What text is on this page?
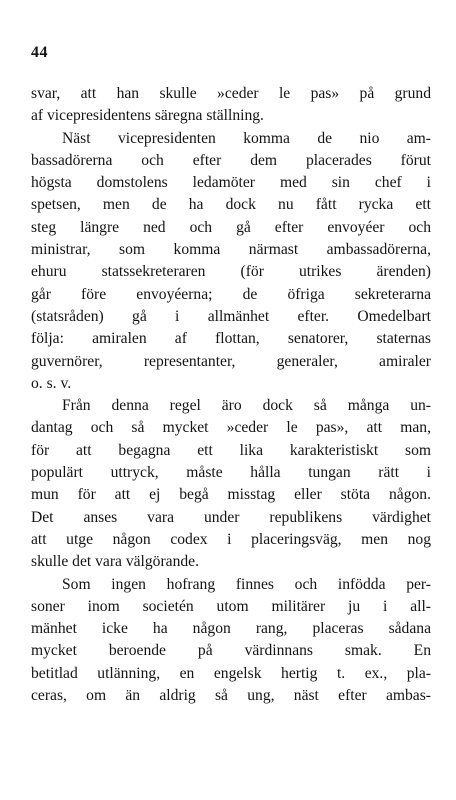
44
svar, att han skulle »ceder le pas» på grund
af vicepresidentens säregna ställning.
Näst vicepresidenten komma de nio am-
bassadörerna och efter dem placerades förut
högsta domstolens ledamöter med sin chef i
spetsen, men de ha dock nu fått rycka ett
steg längre ned och gå efter envoyéer och
ministrar, som komma närmast ambassadörerna,
ehuru statssekreteraren (för utrikes ärenden)
går före envoyéerna; de öfriga sekreterarna
(statsråden) gå i allmänhet efter. Omedelbart
följa: amiralen af flottan, senatorer, staternas
guvernörer, representanter, generaler, amiraler
o. s. v.
Från denna regel äro dock så många un-
dantag och så mycket »ceder le pas», att man,
för att begagna ett lika karakteristiskt som
populärt uttryck, måste hålla tungan rätt i
mun för att ej begå misstag eller stöta någon.
Det anses vara under republikens värdighet
att utge någon codex i placeringsväg, men nog
skulle det vara välgörande.
Som ingen hofrang finnes och infödda per-
soner inom societén utom militärer ju i all-
mänhet icke ha någon rang, placeras sådana
mycket beroende på värdinnans smak. En
betitlad utlänning, en engelsk hertig t. ex., pla-
ceras, om än aldrig så ung, näst efter ambas-
